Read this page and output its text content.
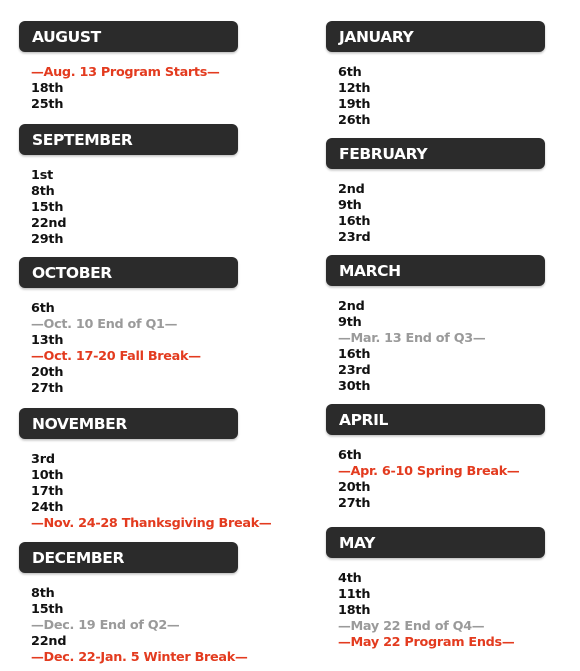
AUGUST
—Aug. 13 Program Starts—
18th
25th
SEPTEMBER
1st
8th
15th
22nd
29th
OCTOBER
6th
—Oct. 10 End of Q1—
13th
—Oct. 17-20 Fall Break—
20th
27th
NOVEMBER
3rd
10th
17th
24th
—Nov. 24-28 Thanksgiving Break—
DECEMBER
8th
15th
—Dec. 19 End of Q2—
22nd
—Dec. 22-Jan. 5 Winter Break—
JANUARY
6th
12th
19th
26th
FEBRUARY
2nd
9th
16th
23rd
MARCH
2nd
9th
—Mar. 13 End of Q3—
16th
23rd
30th
APRIL
6th
—Apr. 6-10 Spring Break—
20th
27th
MAY
4th
11th
18th
—May 22 End of Q4—
—May 22 Program Ends—
